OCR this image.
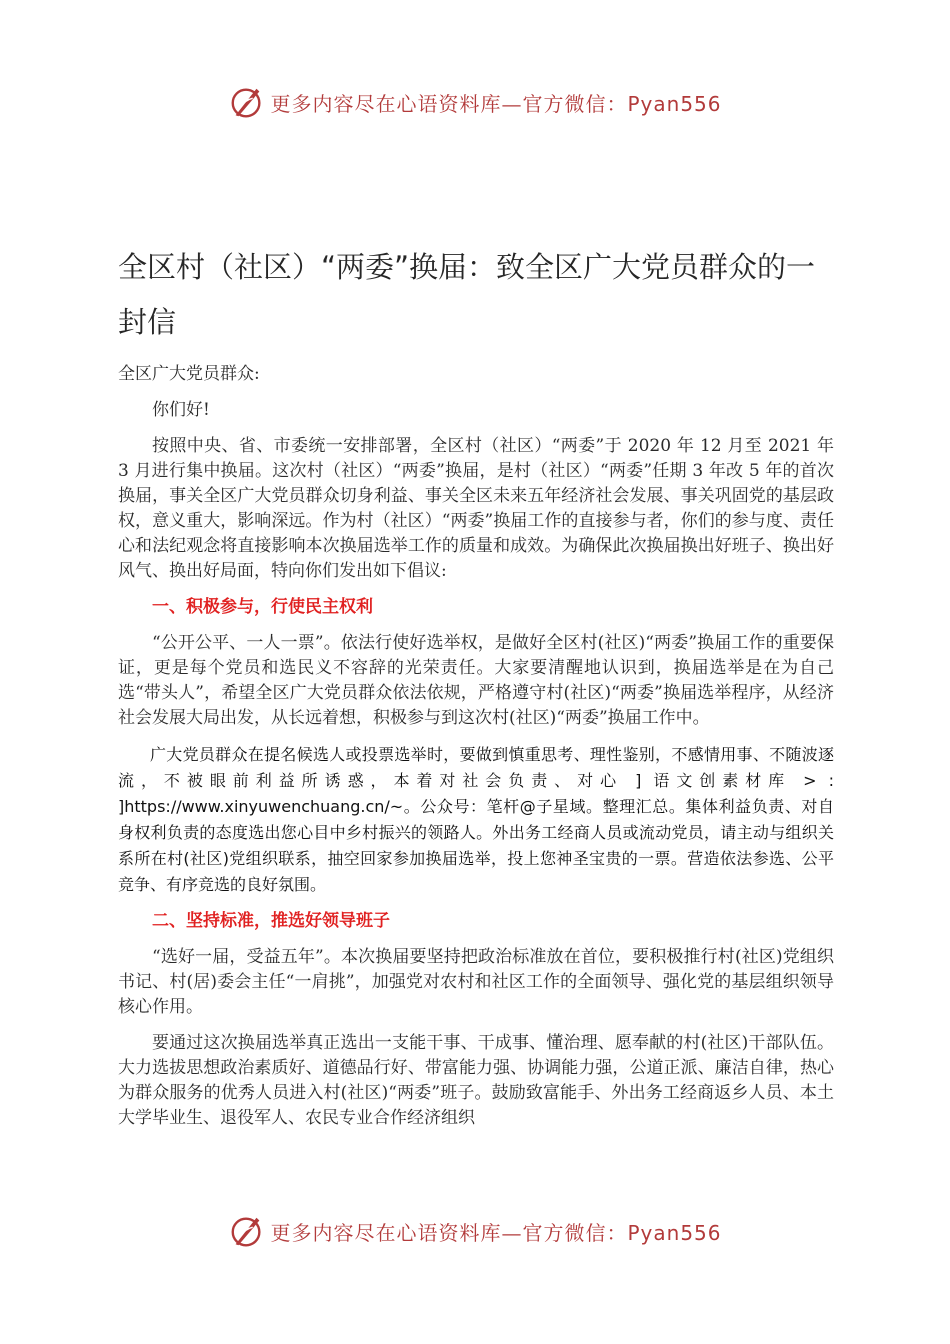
更多内容尽在心语资料库—官方微信：Pyan556
全区村（社区）“两委”换届：致全区广大党员群众的一封信

全区广大党员群众:

你们好!

按照中央、省、市委统一安排部署，全区村（社区）“两委”于 2020 年 12 月至 2021 年 3 月进行集中换届。这次村（社区）“两委”换届，是村（社区）“两委”任期 3 年改 5 年的首次换届，事关全区广大党员群众切身利益、事关全区未来五年经济社会发展、事关巩固党的基层政权，意义重大，影响深远。作为村（社区）“两委”换届工作的直接参与者，你们的参与度、责任心和法纪观念将直接影响本次换届选举工作的质量和成效。为确保此次换届换出好班子、换出好风气、换出好局面，特向你们发出如下倡议:

一、积极参与，行使民主权利

“公开公平、一人一票”。依法行使好选举权，是做好全区村(社区)“两委”换届工作的重要保证，更是每个党员和选民义不容辞的光荣责任。大家要清醒地认识到，换届选举是在为自己选“带头人”，希望全区广大党员群众依法依规，严格遵守村(社区)“两委”换届选举程序，从经济社会发展大局出发，从长远着想，积极参与到这次村(社区)“两委”换届工作中。

广大党员群众在提名候选人或投票选举时，要做到慎重思考、理性鉴别，不感情用事、不随波逐流，不被眼前利益所诱惑，本着对社会负责、对心 ] 语文创素材库 > : ]https://www.xinyuwenchuang.cn/~。公众号：笔杆@子星域。整理汇总。集体利益负责、对自身权利负责的态度选出您心目中乡村振兴的领路人。外出务工经商人员或流动党员，请主动与组织关系所在村(社区)党组织联系，抽空回家参加换届选举，投上您神圣宝贵的一票。营造依法参选、公平竞争、有序竞选的良好氛围。

二、坚持标准，推选好领导班子

“选好一届，受益五年”。本次换届要坚持把政治标准放在首位，要积极推行村(社区)党组织书记、村(居)委会主任“一肩挑”，加强党对农村和社区工作的全面领导、强化党的基层组织领导核心作用。

要通过这次换届选举真正选出一支能干事、干成事、懂治理、愿奉献的村(社区)干部队伍。大力选拔思想政治素质好、道德品行好、带富能力强、协调能力强，公道正派、廉洁自律，热心为群众服务的优秀人员进入村(社区)“两委”班子。鼓励致富能手、外出务工经商返乡人员、本土大学毕业生、退役军人、农民专业合作经济组织

更多内容尽在心语资料库—官方微信：Pyan556
